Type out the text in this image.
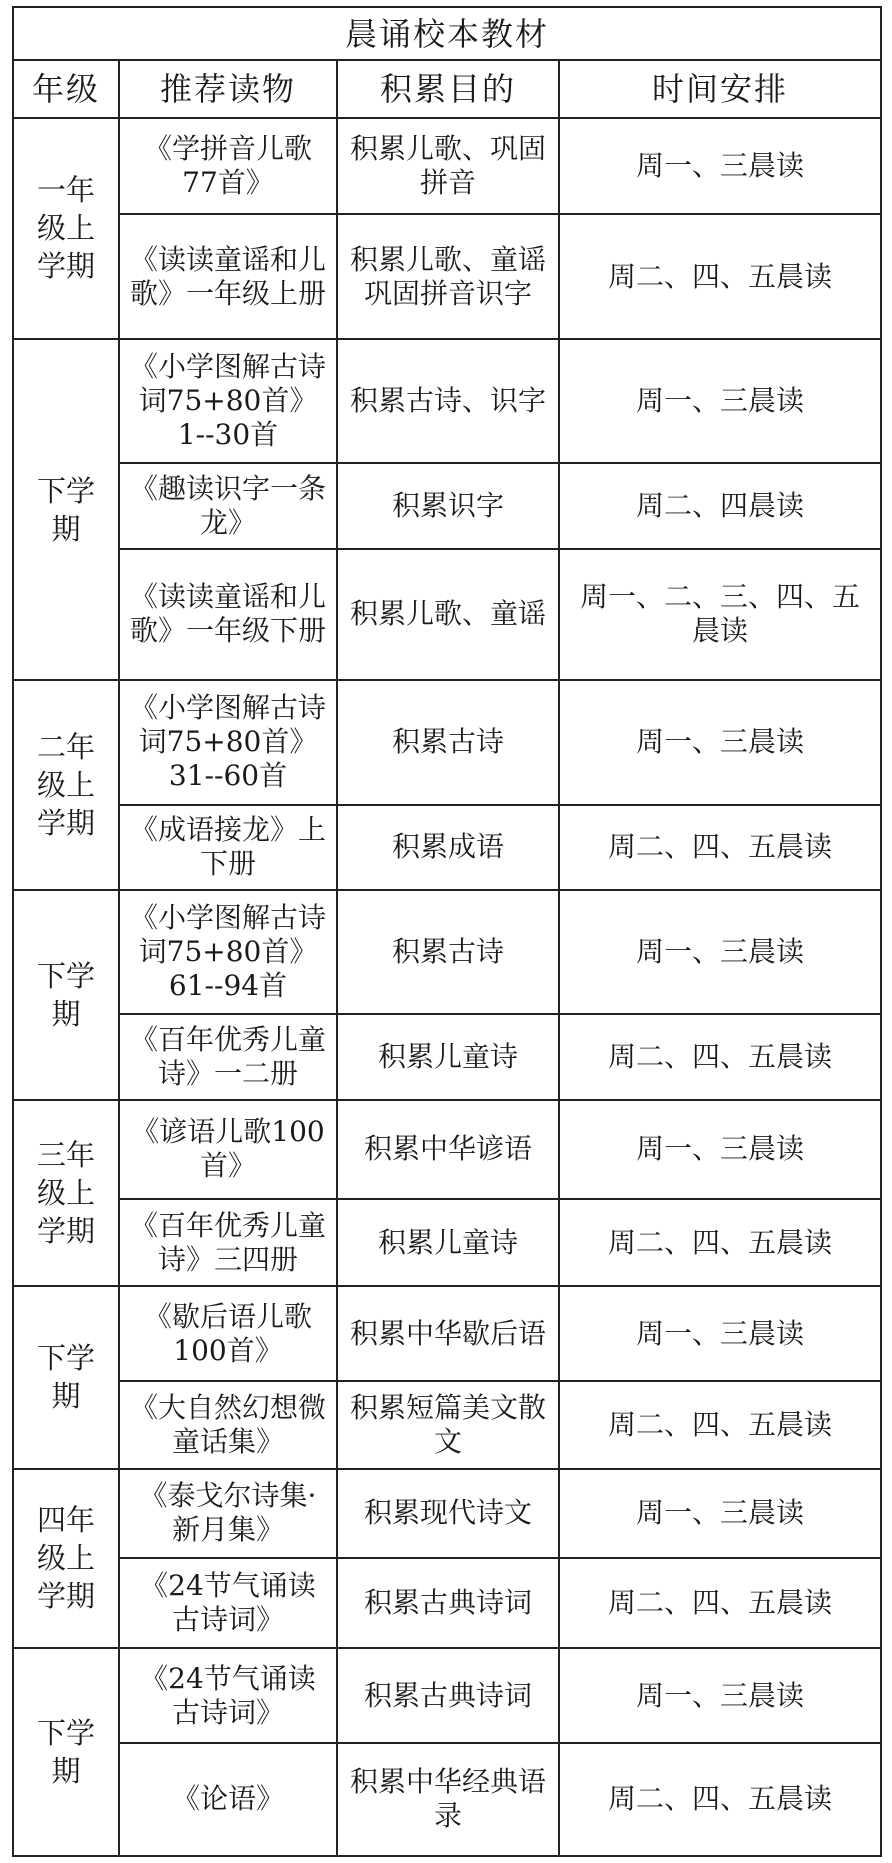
晨诵校本教材			
年级	推荐读物	积累目的	时间安排
一年级上学期	《学拼音儿歌77首》	积累儿歌、巩固拼音	周一、三晨读
	《读读童谣和儿歌》一年级上册	积累儿歌、童谣巩固拼音识字	周二、四、五晨读
下学期	《小学图解古诗词75+80首》1--30首	积累古诗、识字	周一、三晨读
	《趣读识字一条龙》	积累识字	周二、四晨读
	《读读童谣和儿歌》一年级下册	积累儿歌、童谣	周一、二、三、四、五晨读
二年级上学期	《小学图解古诗词75+80首》31--60首	积累古诗	周一、三晨读
	《成语接龙》上下册	积累成语	周二、四、五晨读
下学期	《小学图解古诗词75+80首》61--94首	积累古诗	周一、三晨读
	《百年优秀儿童诗》一二册	积累儿童诗	周二、四、五晨读
三年级上学期	《谚语儿歌100首》	积累中华谚语	周一、三晨读
	《百年优秀儿童诗》三四册	积累儿童诗	周二、四、五晨读
下学期	《歇后语儿歌100首》	积累中华歇后语	周一、三晨读
	《大自然幻想微童话集》	积累短篇美文散文	周二、四、五晨读
四年级上学期	《泰戈尔诗集·新月集》	积累现代诗文	周一、三晨读
	《24节气诵读古诗词》	积累古典诗词	周二、四、五晨读
下学期	《24节气诵读古诗词》	积累古典诗词	周一、三晨读
	《论语》	积累中华经典语录	周二、四、五晨读
